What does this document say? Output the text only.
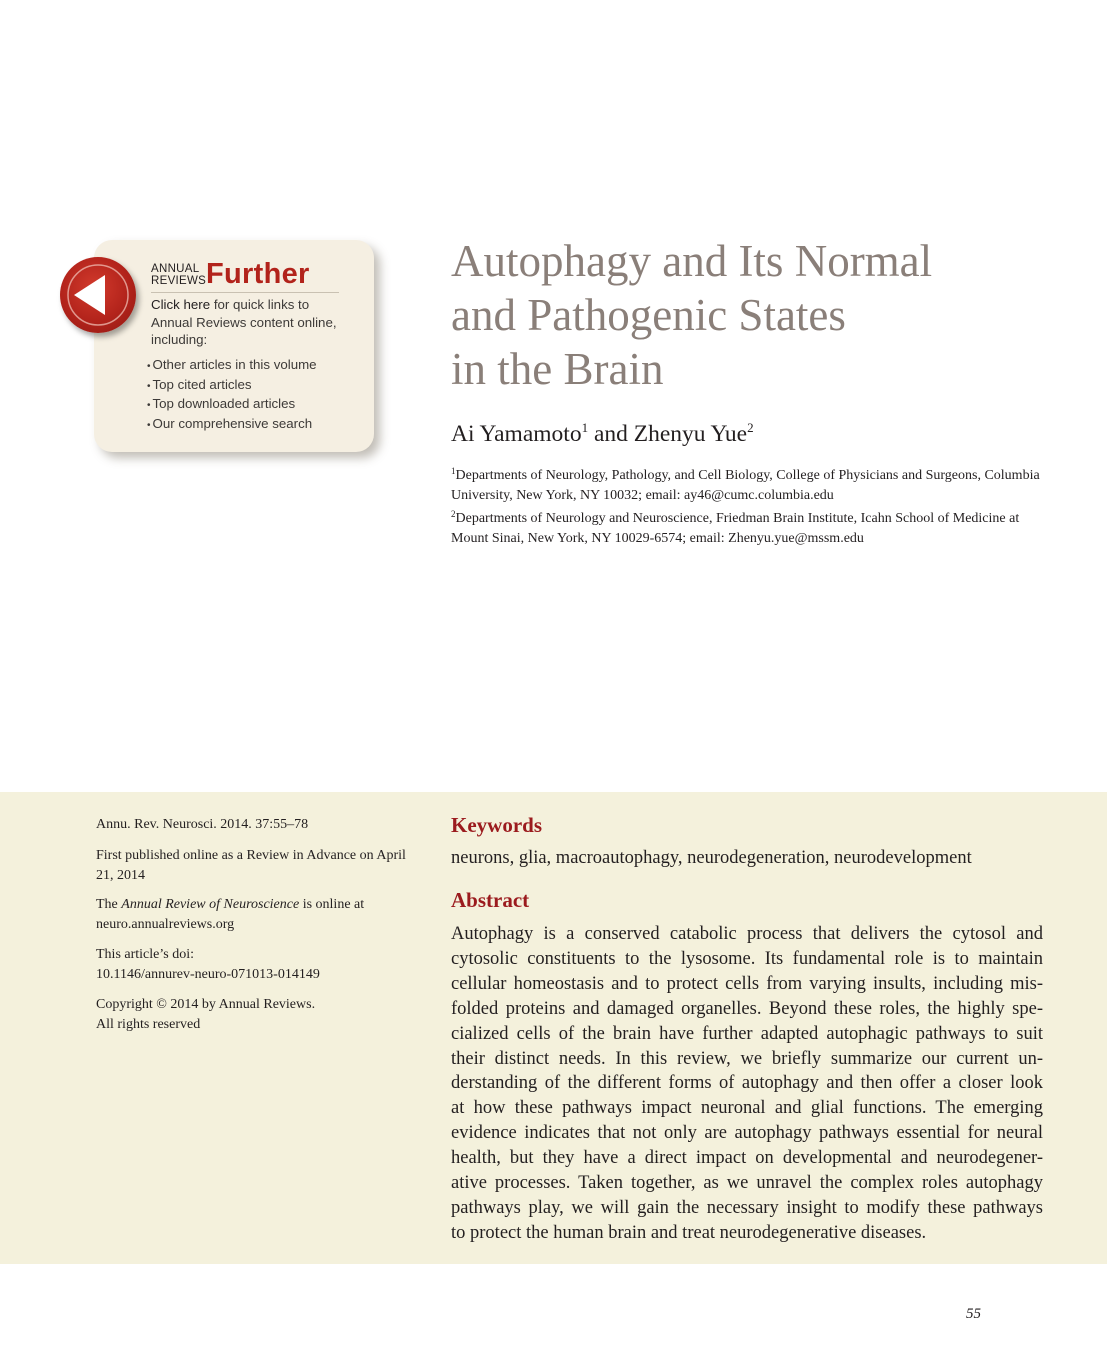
ANNUAL
REVIEWS Further
Click here for quick links to
Annual Reviews content online,
including:
• Other articles in this volume
• Top cited articles
• Top downloaded articles
• Our comprehensive search
Autophagy and Its Normal
and Pathogenic States
in the Brain
Ai Yamamoto$^1$ and Zhenyu Yue$^2$
$^1$Departments of Neurology, Pathology, and Cell Biology, College of Physicians and Surgeons, Columbia University, New York, NY 10032; email: ay46@cumc.columbia.edu
$^2$Departments of Neurology and Neuroscience, Friedman Brain Institute, Icahn School of Medicine at Mount Sinai, New York, NY 10029-6574; email: Zhenyu.yue@mssm.edu
Annu. Rev. Neurosci. 2014. 37:55–78
First published online as a Review in Advance on April 21, 2014
The Annual Review of Neuroscience is online at neuro.annualreviews.org
This article’s doi:
10.1146/annurev-neuro-071013-014149
Copyright © 2014 by Annual Reviews.
All rights reserved
Keywords
neurons, glia, macroautophagy, neurodegeneration, neurodevelopment
Abstract
Autophagy is a conserved catabolic process that delivers the cytosol and
cytosolic constituents to the lysosome. Its fundamental role is to maintain
cellular homeostasis and to protect cells from varying insults, including mis-
folded proteins and damaged organelles. Beyond these roles, the highly spe-
cialized cells of the brain have further adapted autophagic pathways to suit
their distinct needs. In this review, we briefly summarize our current un-
derstanding of the different forms of autophagy and then offer a closer look
at how these pathways impact neuronal and glial functions. The emerging
evidence indicates that not only are autophagy pathways essential for neural
health, but they have a direct impact on developmental and neurodegener-
ative processes. Taken together, as we unravel the complex roles autophagy
pathways play, we will gain the necessary insight to modify these pathways
to protect the human brain and treat neurodegenerative diseases.
55
